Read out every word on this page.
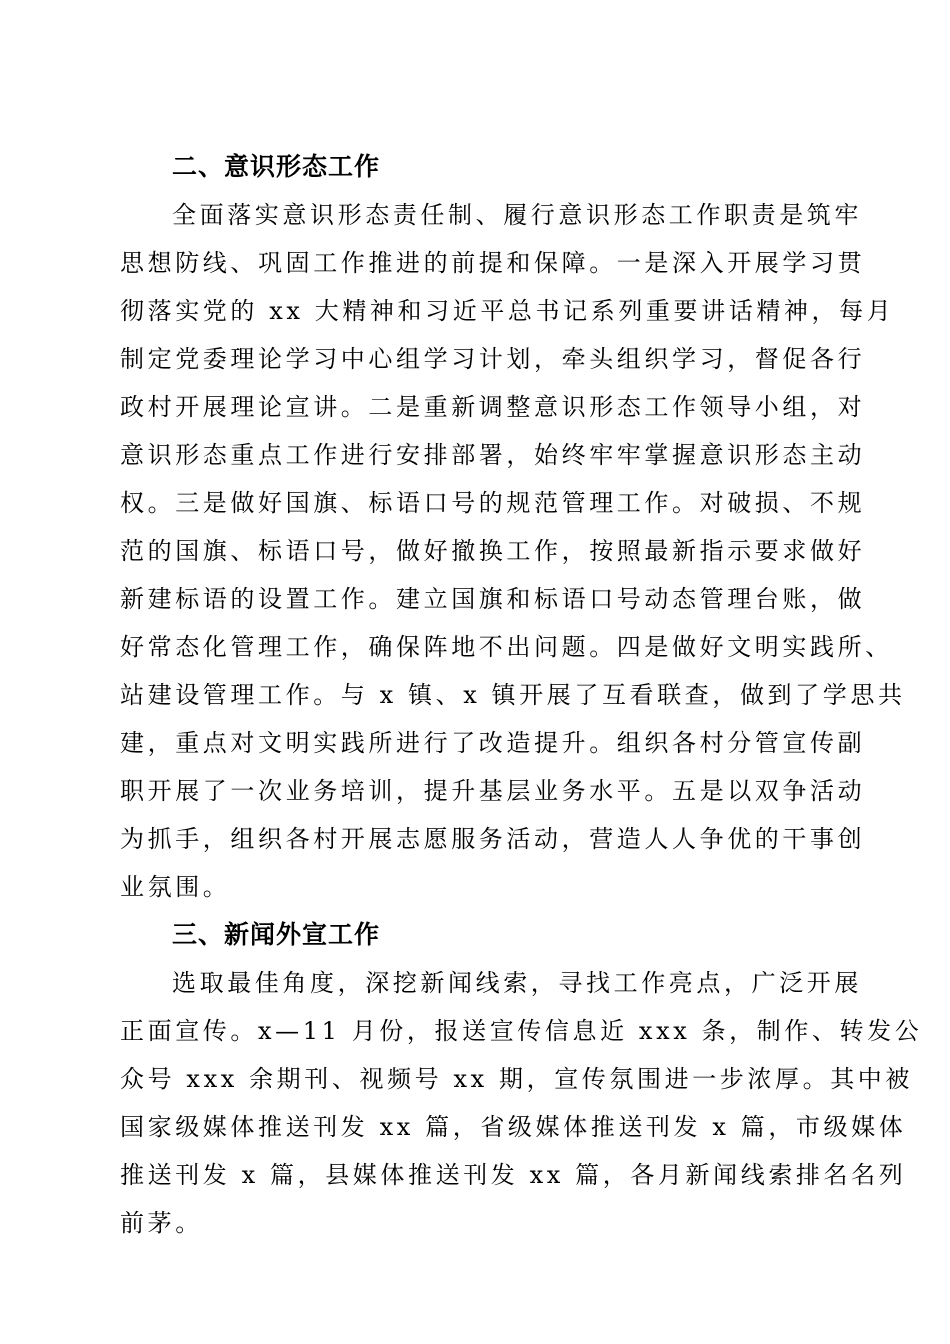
二、意识形态工作

全面落实意识形态责任制、履行意识形态工作职责是筑牢

思想防线、巩固工作推进的前提和保障。一是深入开展学习贯

彻落实党的 xx 大精神和习近平总书记系列重要讲话精神，每月

制定党委理论学习中心组学习计划，牵头组织学习，督促各行

政村开展理论宣讲。二是重新调整意识形态工作领导小组，对

意识形态重点工作进行安排部署，始终牢牢掌握意识形态主动

权。三是做好国旗、标语口号的规范管理工作。对破损、不规

范的国旗、标语口号，做好撤换工作，按照最新指示要求做好

新建标语的设置工作。建立国旗和标语口号动态管理台账，做

好常态化管理工作，确保阵地不出问题。四是做好文明实践所、

站建设管理工作。与 x 镇、x 镇开展了互看联查，做到了学思共

建，重点对文明实践所进行了改造提升。组织各村分管宣传副

职开展了一次业务培训，提升基层业务水平。五是以双争活动

为抓手，组织各村开展志愿服务活动，营造人人争优的干事创

业氛围。

三、新闻外宣工作

选取最佳角度，深挖新闻线索，寻找工作亮点，广泛开展

正面宣传。x—11 月份，报送宣传信息近 xxx 条，制作、转发公

众号 xxx 余期刊、视频号 xx 期，宣传氛围进一步浓厚。其中被

国家级媒体推送刊发 xx 篇，省级媒体推送刊发 x 篇，市级媒体

推送刊发 x 篇，县媒体推送刊发 xx 篇，各月新闻线索排名名列

前茅。
